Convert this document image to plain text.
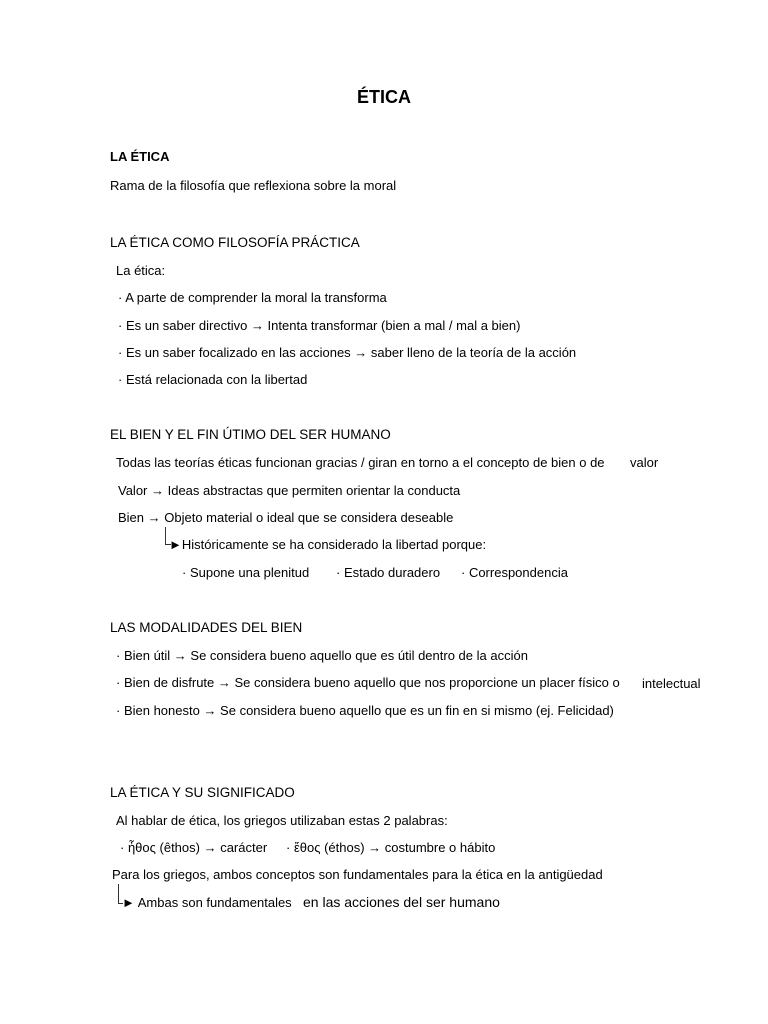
ÉTICA
LA ÉTICA
Rama de la filosofía que reflexiona sobre la moral
LA ÉTICA COMO FILOSOFÍA PRÁCTICA
La ética:
· A parte de comprender la moral la transforma
· Es un saber directivo → Intenta transformar (bien a mal / mal a bien)
· Es un saber focalizado en las acciones → saber lleno de la teoría de la acción
· Está relacionada con la libertad
EL BIEN Y EL FIN ÚTIMO DEL SER HUMANO
Todas las teorías éticas funcionan gracias / giran en torno a el concepto de bien o de valor
Valor → Ideas abstractas que permiten orientar la conducta
Bien → Objeto material o ideal que se considera deseable
►Históricamente se ha considerado la libertad porque:
· Supone una plenitud · Estado duradero · Correspondencia
LAS MODALIDADES DEL BIEN
· Bien útil → Se considera bueno aquello que es útil dentro de la acción
· Bien de disfrute → Se considera bueno aquello que nos proporcione un placer físico o intelectual
· Bien honesto → Se considera bueno aquello que es un fin en si mismo (ej. Felicidad)
LA ÉTICA Y SU SIGNIFICADO
Al hablar de ética, los griegos utilizaban estas 2 palabras:
· ἦθος (êthos) → carácter · ἔθος (éthos) → costumbre o hábito
Para los griegos, ambos conceptos son fundamentales para la ética en la antigüedad
► Ambas son fundamentales en las acciones del ser humano
